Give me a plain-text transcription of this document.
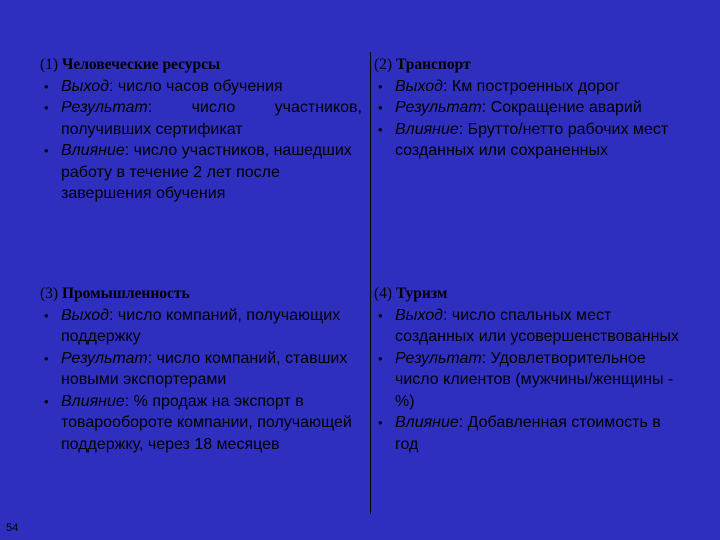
(1) Человеческие ресурсы
• Выход: число часов обучения
• Результат: число участников, получивших сертификат
• Влияние: число участников, нашедших работу в течение 2 лет после завершения обучения
(2) Транспорт
• Выход: Км построенных дорог
• Результат: Сокращение аварий
• Влияние: Брутто/нетто рабочих мест созданных или сохраненных
(3) Промышленность
• Выход: число компаний, получающих поддержку
• Результат: число компаний, ставших новыми экспортерами
• Влияние: % продаж на экспорт в товарообороте компании, получающей поддержку, через 18 месяцев
(4) Туризм
• Выход: число спальных мест созданных или усовершенствованных
• Результат: Удовлетворительное число клиентов (мужчины/женщины -%)
• Влияние: Добавленная стоимость в год
54
